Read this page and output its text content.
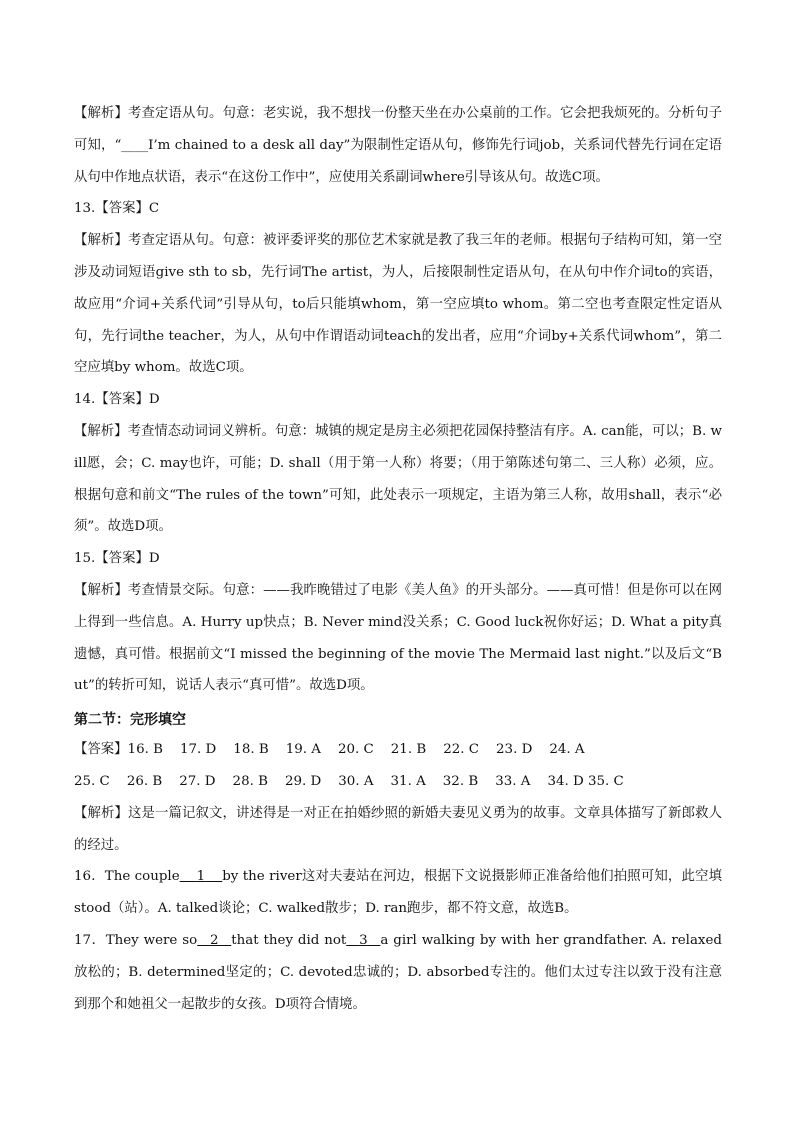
【解析】考查定语从句。句意：老实说，我不想找一份整天坐在办公桌前的工作。它会把我烦死的。分析句子可知，“____I’m chained to a desk all day”为限制性定语从句，修饰先行词job，关系词代替先行词在定语从句中作地点状语，表示“在这份工作中”，应使用关系副词where引导该从句。故选C项。

13.【答案】C

【解析】考查定语从句。句意：被评委评奖的那位艺术家就是教了我三年的老师。根据句子结构可知，第一空涉及动词短语give sth to sb，先行词The artist，为人，后接限制性定语从句，在从句中作介词to的宾语，故应用“介词+关系代词”引导从句，to后只能填whom，第一空应填to whom。第二空也考查限定性定语从句，先行词the teacher，为人，从句中作谓语动词teach的发出者，应用“介词by+关系代词whom”，第二空应填by whom。故选C项。

14.【答案】D

【解析】考查情态动词词义辨析。句意：城镇的规定是房主必须把花园保持整洁有序。A. can能，可以；B. will愿，会；C. may也许，可能；D. shall（用于第一人称）将要；（用于第陈述句第二、三人称）必须，应。根据句意和前文“The rules of the town”可知，此处表示一项规定，主语为第三人称，故用shall，表示“必须”。故选D项。

15.【答案】D

【解析】考查情景交际。句意：——我昨晚错过了电影《美人鱼》的开头部分。——真可惜！但是你可以在网上得到一些信息。A. Hurry up快点；B. Never mind没关系；C. Good luck祝你好运；D. What a pity真遗憾，真可惜。根据前文“I missed the beginning of the movie The Mermaid last night.”以及后文“But”的转折可知，说话人表示“真可惜”。故选D项。

第二节：完形填空

【答案】16. B    17. D    18. B    19. A    20. C    21. B    22. C    23. D    24. A

25. C    26. B    27. D    28. B    29. D    30. A    31. A    32. B    33. A    34. D 35. C

【解析】这是一篇记叙文，讲述得是一对正在拍婚纱照的新婚夫妻见义勇为的故事。文章具体描写了新郎救人的经过。

16．The couple 1 by the river这对夫妻站在河边，根据下文说摄影师正准备给他们拍照可知，此空填stood（站）。A. talked谈论；C. walked散步；D. ran跑步，都不符文意，故选B。

17．They were so 2 that they did not 3 a girl walking by with her grandfather. A. relaxed放松的；B. determined坚定的；C. devoted忠诚的；D. absorbed专注的。他们太过专注以致于没有注意到那个和她祖父一起散步的女孩。D项符合情境。
